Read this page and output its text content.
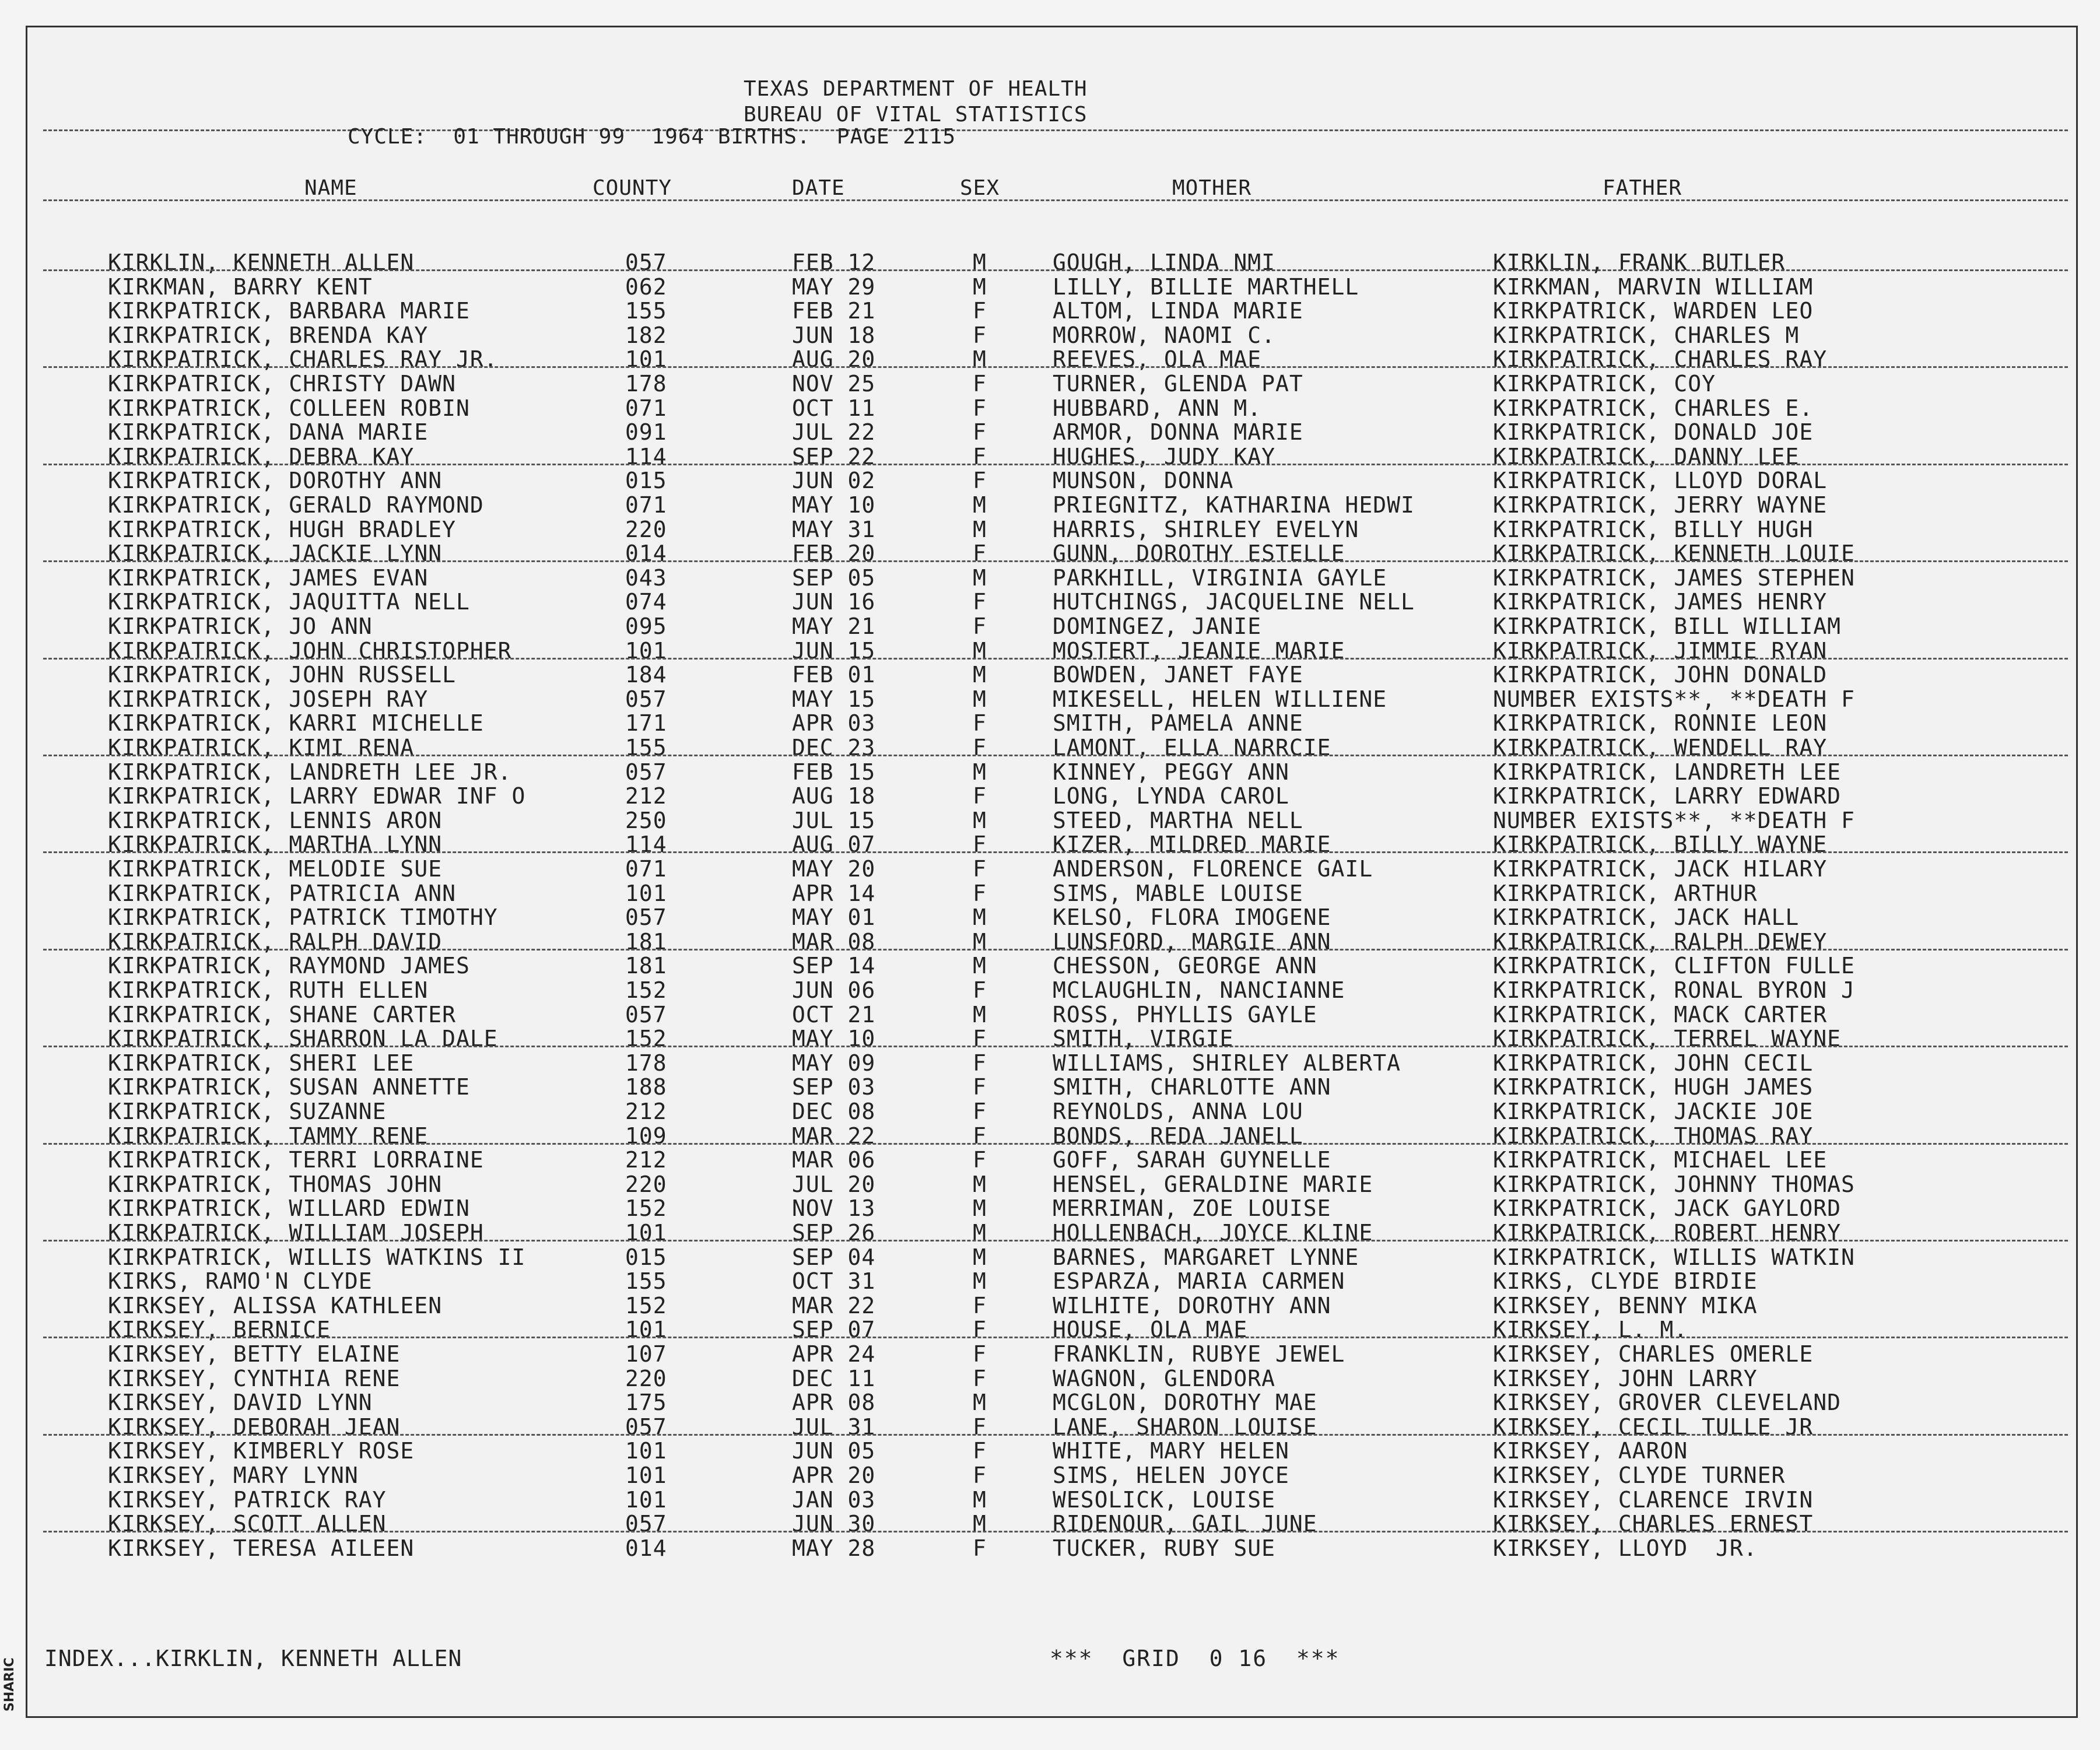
TEXAS DEPARTMENT OF HEALTH
BUREAU OF VITAL STATISTICS
CYCLE:  01 THROUGH 99  1964 BIRTHS.  PAGE 2115
NAME	COUNTY	DATE	SEX	MOTHER	FATHER
KIRKLIN, KENNETH ALLEN	057	FEB 12	M	GOUGH, LINDA NMI	KIRKLIN, FRANK BUTLER
KIRKMAN, BARRY KENT	062	MAY 29	M	LILLY, BILLIE MARTHELL	KIRKMAN, MARVIN WILLIAM
KIRKPATRICK, BARBARA MARIE	155	FEB 21	F	ALTOM, LINDA MARIE	KIRKPATRICK, WARDEN LEO
KIRKPATRICK, BRENDA KAY	182	JUN 18	F	MORROW, NAOMI C.	KIRKPATRICK, CHARLES M
KIRKPATRICK, CHARLES RAY JR.	101	AUG 20	M	REEVES, OLA MAE	KIRKPATRICK, CHARLES RAY
KIRKPATRICK, CHRISTY DAWN	178	NOV 25	F	TURNER, GLENDA PAT	KIRKPATRICK, COY
KIRKPATRICK, COLLEEN ROBIN	071	OCT 11	F	HUBBARD, ANN M.	KIRKPATRICK, CHARLES E.
KIRKPATRICK, DANA MARIE	091	JUL 22	F	ARMOR, DONNA MARIE	KIRKPATRICK, DONALD JOE
KIRKPATRICK, DEBRA KAY	114	SEP 22	F	HUGHES, JUDY KAY	KIRKPATRICK, DANNY LEE
KIRKPATRICK, DOROTHY ANN	015	JUN 02	F	MUNSON, DONNA	KIRKPATRICK, LLOYD DORAL
KIRKPATRICK, GERALD RAYMOND	071	MAY 10	M	PRIEGNITZ, KATHARINA HEDWI	KIRKPATRICK, JERRY WAYNE
KIRKPATRICK, HUGH BRADLEY	220	MAY 31	M	HARRIS, SHIRLEY EVELYN	KIRKPATRICK, BILLY HUGH
KIRKPATRICK, JACKIE LYNN	014	FEB 20	F	GUNN, DOROTHY ESTELLE	KIRKPATRICK, KENNETH LOUIE
KIRKPATRICK, JAMES EVAN	043	SEP 05	M	PARKHILL, VIRGINIA GAYLE	KIRKPATRICK, JAMES STEPHEN
KIRKPATRICK, JAQUITTA NELL	074	JUN 16	F	HUTCHINGS, JACQUELINE NELL	KIRKPATRICK, JAMES HENRY
KIRKPATRICK, JO ANN	095	MAY 21	F	DOMINGEZ, JANIE	KIRKPATRICK, BILL WILLIAM
KIRKPATRICK, JOHN CHRISTOPHER	101	JUN 15	M	MOSTERT, JEANIE MARIE	KIRKPATRICK, JIMMIE RYAN
KIRKPATRICK, JOHN RUSSELL	184	FEB 01	M	BOWDEN, JANET FAYE	KIRKPATRICK, JOHN DONALD
KIRKPATRICK, JOSEPH RAY	057	MAY 15	M	MIKESELL, HELEN WILLIENE	NUMBER EXISTS**, **DEATH F
KIRKPATRICK, KARRI MICHELLE	171	APR 03	F	SMITH, PAMELA ANNE	KIRKPATRICK, RONNIE LEON
KIRKPATRICK, KIMI RENA	155	DEC 23	F	LAMONT, ELLA NARRCIE	KIRKPATRICK, WENDELL RAY
KIRKPATRICK, LANDRETH LEE JR.	057	FEB 15	M	KINNEY, PEGGY ANN	KIRKPATRICK, LANDRETH LEE
KIRKPATRICK, LARRY EDWAR INF O	212	AUG 18	F	LONG, LYNDA CAROL	KIRKPATRICK, LARRY EDWARD
KIRKPATRICK, LENNIS ARON	250	JUL 15	M	STEED, MARTHA NELL	NUMBER EXISTS**, **DEATH F
KIRKPATRICK, MARTHA LYNN	114	AUG 07	F	KIZER, MILDRED MARIE	KIRKPATRICK, BILLY WAYNE
KIRKPATRICK, MELODIE SUE	071	MAY 20	F	ANDERSON, FLORENCE GAIL	KIRKPATRICK, JACK HILARY
KIRKPATRICK, PATRICIA ANN	101	APR 14	F	SIMS, MABLE LOUISE	KIRKPATRICK, ARTHUR
KIRKPATRICK, PATRICK TIMOTHY	057	MAY 01	M	KELSO, FLORA IMOGENE	KIRKPATRICK, JACK HALL
KIRKPATRICK, RALPH DAVID	181	MAR 08	M	LUNSFORD, MARGIE ANN	KIRKPATRICK, RALPH DEWEY
KIRKPATRICK, RAYMOND JAMES	181	SEP 14	M	CHESSON, GEORGE ANN	KIRKPATRICK, CLIFTON FULLE
KIRKPATRICK, RUTH ELLEN	152	JUN 06	F	MCLAUGHLIN, NANCIANNE	KIRKPATRICK, RONAL BYRON J
KIRKPATRICK, SHANE CARTER	057	OCT 21	M	ROSS, PHYLLIS GAYLE	KIRKPATRICK, MACK CARTER
KIRKPATRICK, SHARRON LA DALE	152	MAY 10	F	SMITH, VIRGIE	KIRKPATRICK, TERREL WAYNE
KIRKPATRICK, SHERI LEE	178	MAY 09	F	WILLIAMS, SHIRLEY ALBERTA	KIRKPATRICK, JOHN CECIL
KIRKPATRICK, SUSAN ANNETTE	188	SEP 03	F	SMITH, CHARLOTTE ANN	KIRKPATRICK, HUGH JAMES
KIRKPATRICK, SUZANNE	212	DEC 08	F	REYNOLDS, ANNA LOU	KIRKPATRICK, JACKIE JOE
KIRKPATRICK, TAMMY RENE	109	MAR 22	F	BONDS, REDA JANELL	KIRKPATRICK, THOMAS RAY
KIRKPATRICK, TERRI LORRAINE	212	MAR 06	F	GOFF, SARAH GUYNELLE	KIRKPATRICK, MICHAEL LEE
KIRKPATRICK, THOMAS JOHN	220	JUL 20	M	HENSEL, GERALDINE MARIE	KIRKPATRICK, JOHNNY THOMAS
KIRKPATRICK, WILLARD EDWIN	152	NOV 13	M	MERRIMAN, ZOE LOUISE	KIRKPATRICK, JACK GAYLORD
KIRKPATRICK, WILLIAM JOSEPH	101	SEP 26	M	HOLLENBACH, JOYCE KLINE	KIRKPATRICK, ROBERT HENRY
KIRKPATRICK, WILLIS WATKINS II	015	SEP 04	M	BARNES, MARGARET LYNNE	KIRKPATRICK, WILLIS WATKIN
KIRKS, RAMO'N CLYDE	155	OCT 31	M	ESPARZA, MARIA CARMEN	KIRKS, CLYDE BIRDIE
KIRKSEY, ALISSA KATHLEEN	152	MAR 22	F	WILHITE, DOROTHY ANN	KIRKSEY, BENNY MIKA
KIRKSEY, BERNICE	101	SEP 07	F	HOUSE, OLA MAE	KIRKSEY, L. M.
KIRKSEY, BETTY ELAINE	107	APR 24	F	FRANKLIN, RUBYE JEWEL	KIRKSEY, CHARLES OMERLE
KIRKSEY, CYNTHIA RENE	220	DEC 11	F	WAGNON, GLENDORA	KIRKSEY, JOHN LARRY
KIRKSEY, DAVID LYNN	175	APR 08	M	MCGLON, DOROTHY MAE	KIRKSEY, GROVER CLEVELAND
KIRKSEY, DEBORAH JEAN	057	JUL 31	F	LANE, SHARON LOUISE	KIRKSEY, CECIL TULLE JR
KIRKSEY, KIMBERLY ROSE	101	JUN 05	F	WHITE, MARY HELEN	KIRKSEY, AARON
KIRKSEY, MARY LYNN	101	APR 20	F	SIMS, HELEN JOYCE	KIRKSEY, CLYDE TURNER
KIRKSEY, PATRICK RAY	101	JAN 03	M	WESOLICK, LOUISE	KIRKSEY, CLARENCE IRVIN
KIRKSEY, SCOTT ALLEN	057	JUN 30	M	RIDENOUR, GAIL JUNE	KIRKSEY, CHARLES ERNEST
KIRKSEY, TERESA AILEEN	014	MAY 28	F	TUCKER, RUBY SUE	KIRKSEY, LLOYD  JR.
INDEX...KIRKLIN, KENNETH ALLEN	***  GRID  0 16  ***
SHARIC
